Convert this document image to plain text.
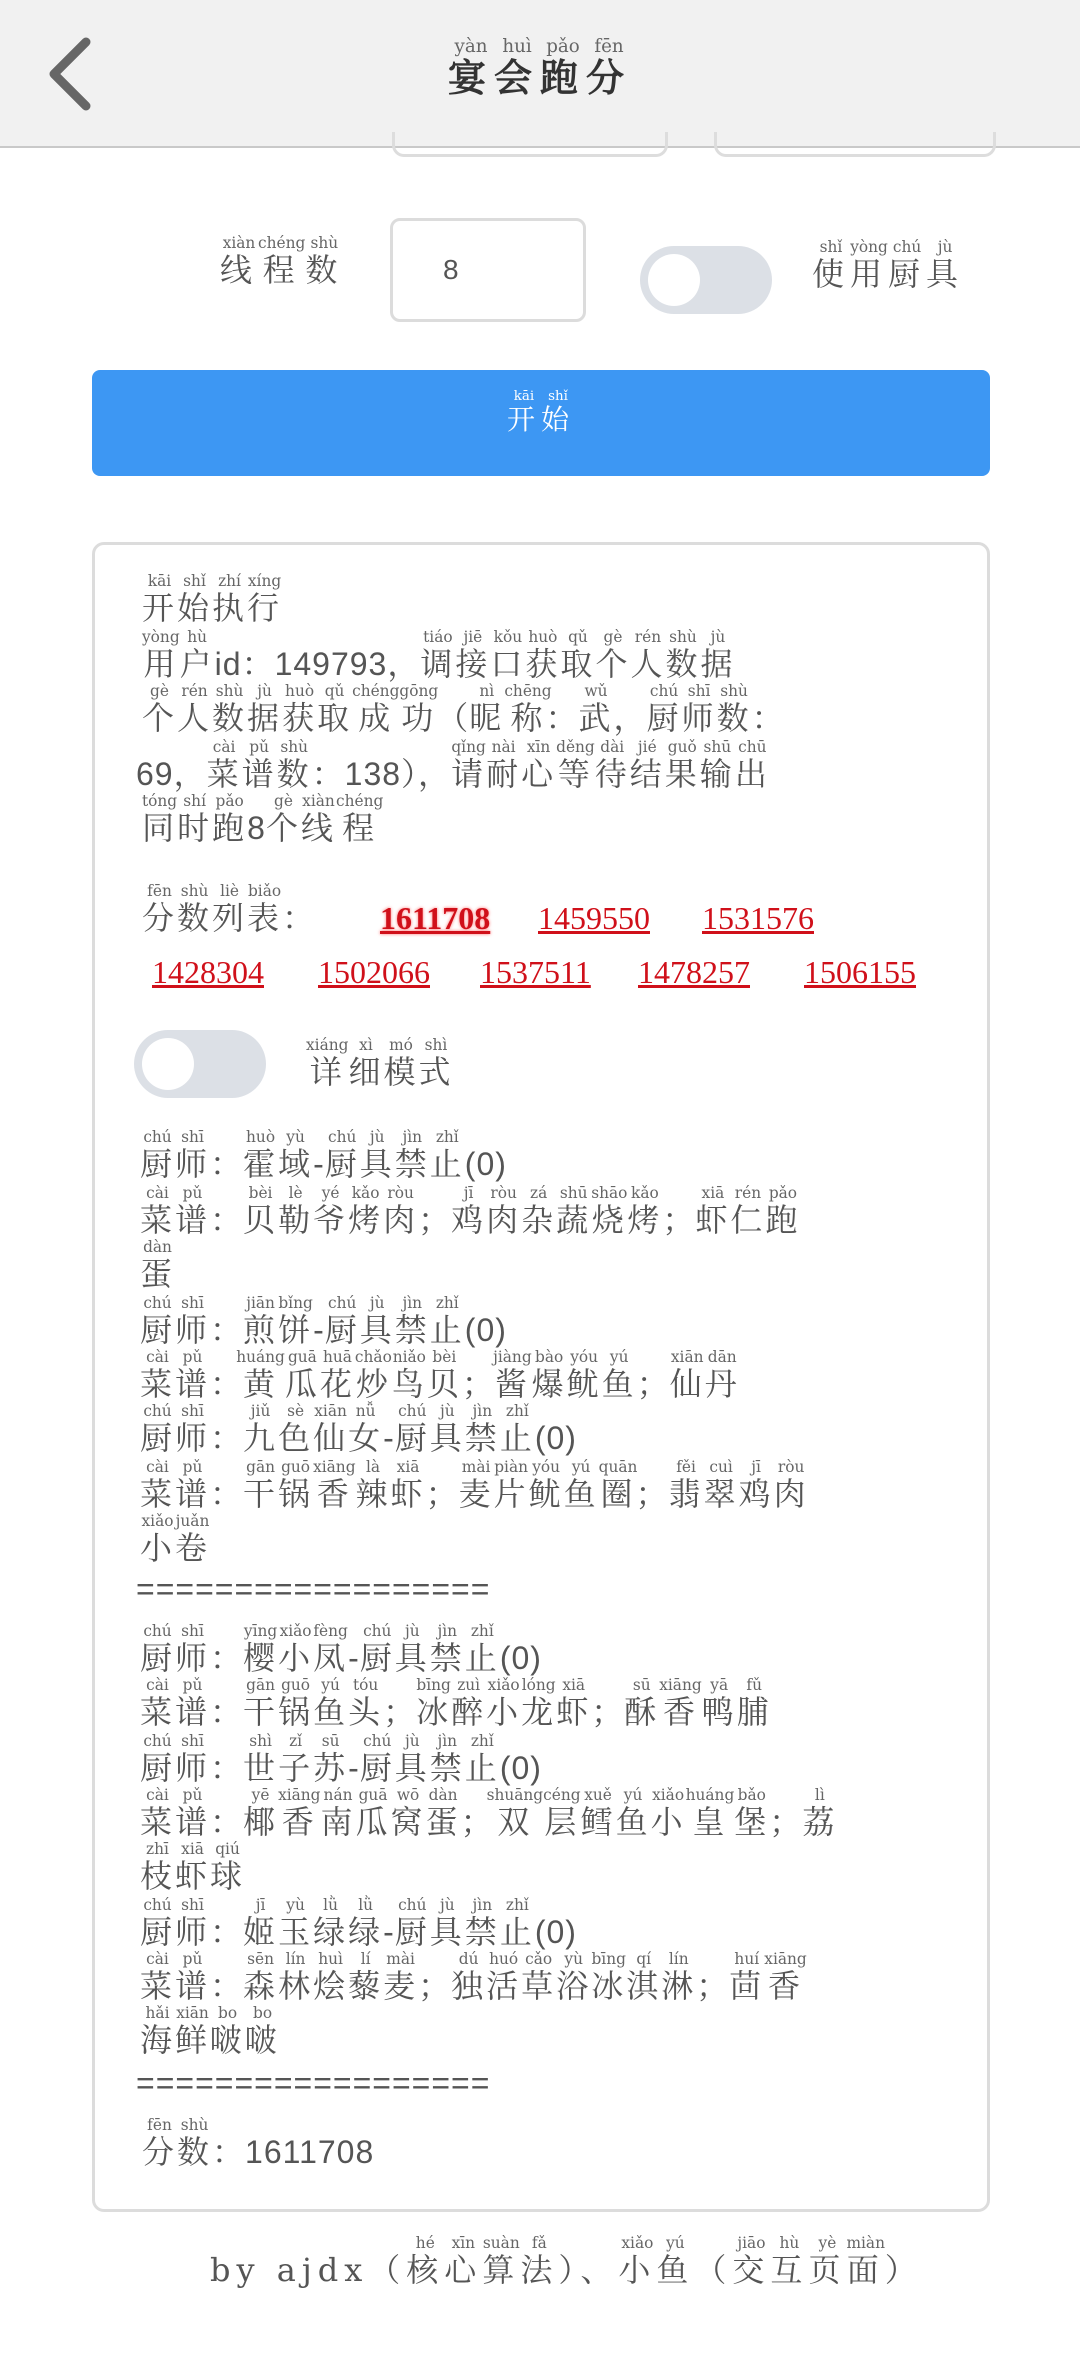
宴yàn会huì跑pǎo分fēn
线xiàn程chéng数shù
8	使shǐ用yòng厨chú具jù
开kāi始shǐ
开kāi始shǐ执zhí行xíng
用yòng户hùid：149793，调tiáo接jiē口kǒu获huò取qǔ个gè人rén数shù据jù
个gè人rén数shù据jù获huò取qǔ成chéng功gōng（昵nì称chēng：武wǔ，厨chú师shī数shù：
69，菜cài谱pǔ数shù：138），请qǐng耐nài心xīn等děng待dài结jié果guǒ输shū出chū
同tóng时shí跑pǎo8个gè线xiàn程chéng
分fēn数shù列liè表biǎo： 1611708 1459550 1531576
1428304 1502066 1537511 1478257 1506155
详xiáng细xì模mó式shì
厨chú师shī：霍huò域yù-厨chú具jù禁jìn止zhǐ(0)
菜cài谱pǔ：贝bèi勒lè爷yé烤kǎo肉ròu；鸡jī肉ròu杂zá蔬shū烧shāo烤kǎo；虾xiā仁rén跑pǎo
蛋dàn
厨chú师shī：煎jiān饼bǐng-厨chú具jù禁jìn止zhǐ(0)
菜cài谱pǔ：黄huáng瓜guā花huā炒chǎo鸟niǎo贝bèi；酱jiàng爆bào鱿yóu鱼yú；仙xiān丹dān
厨chú师shī：九jiǔ色sè仙xiān女nǚ-厨chú具jù禁jìn止zhǐ(0)
菜cài谱pǔ：干gān锅guō香xiāng辣là虾xiā；麦mài片piàn鱿yóu鱼yú圈quān；翡fěi翠cuì鸡jī肉ròu
小xiǎo卷juǎn
==================
厨chú师shī：樱yīng小xiǎo凤fèng-厨chú具jù禁jìn止zhǐ(0)
菜cài谱pǔ：干gān锅guō鱼yú头tóu；冰bīng醉zuì小xiǎo龙lóng虾xiā；酥sū香xiāng鸭yā脯fǔ
厨chú师shī：世shì子zǐ苏sū-厨chú具jù禁jìn止zhǐ(0)
菜cài谱pǔ：椰yē香xiāng南nán瓜guā窝wō蛋dàn；双shuāng层céng鳕xuě鱼yú小xiǎo皇huáng堡bǎo；荔lì
枝zhī虾xiā球qiú
厨chú师shī：姬jī玉yù绿lǜ绿lǜ-厨chú具jù禁jìn止zhǐ(0)
菜cài谱pǔ：森sēn林lín烩huì藜lí麦mài；独dú活huó草cǎo浴yù冰bīng淇qí淋lín；茴huí香xiāng
海hǎi鲜xiān啵bo啵bo
==================
分fēn数shù：1611708
by ajdx（核hé心xīn算suàn法fǎ）、小xiǎo鱼yú（交jiāo互hù页yè面miàn）
